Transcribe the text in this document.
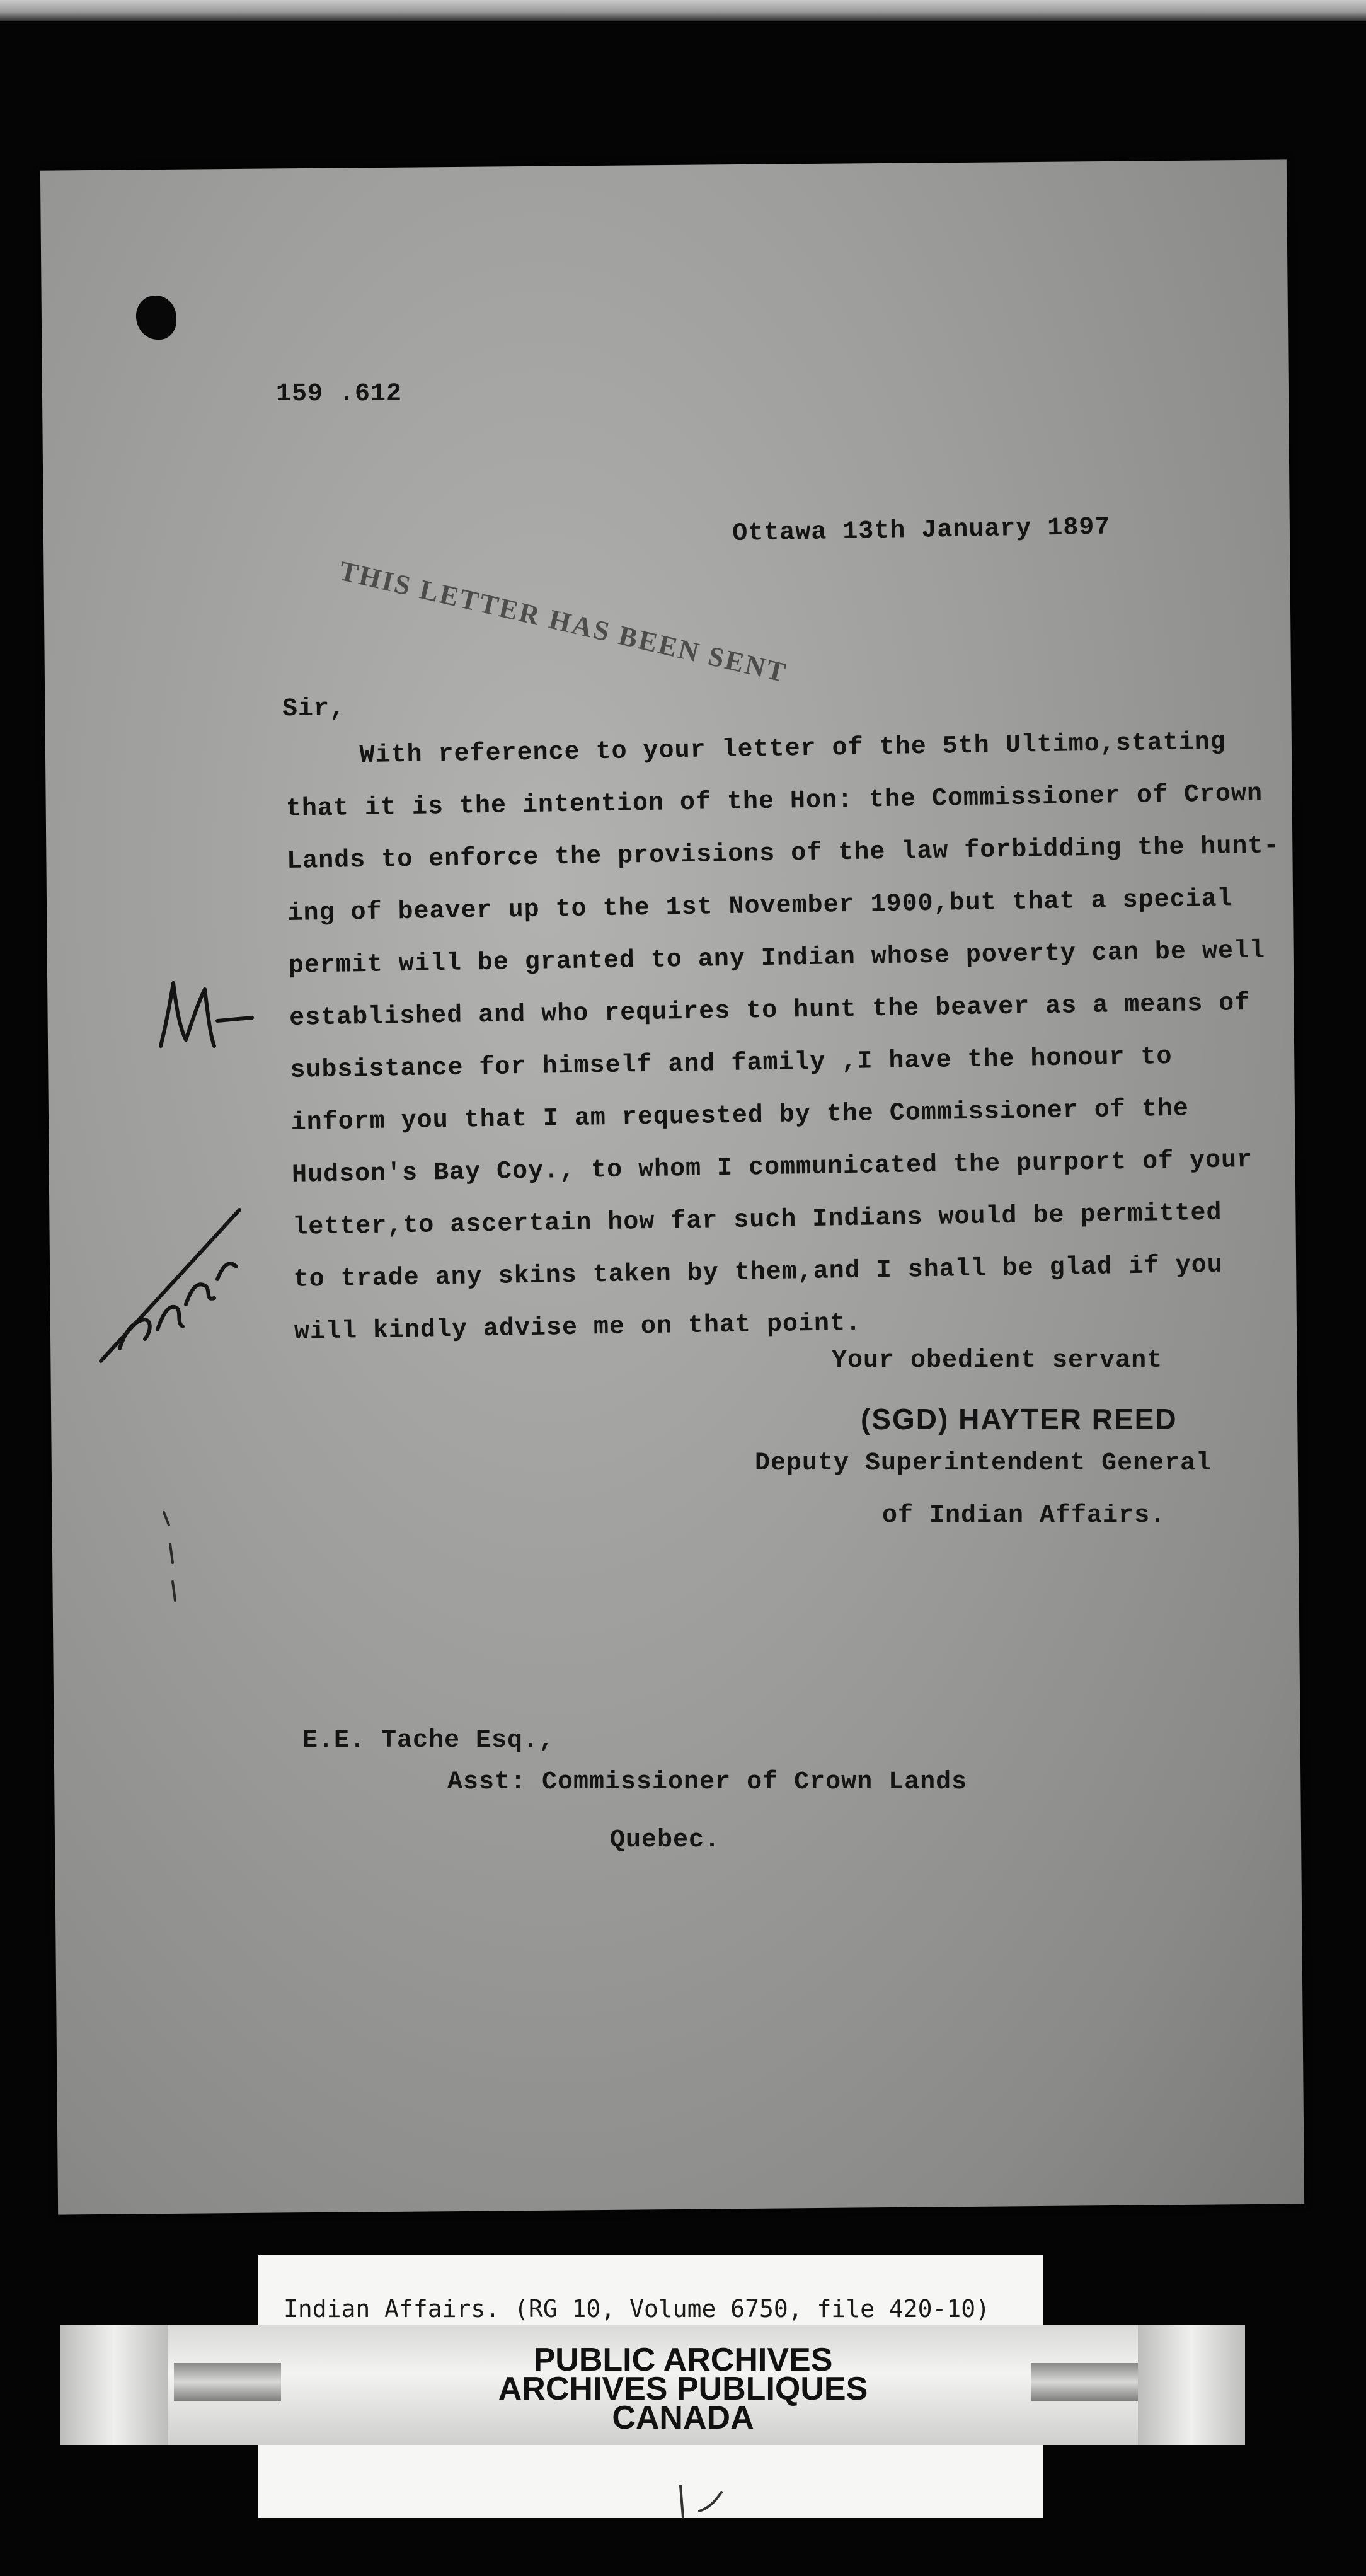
159 .612
Ottawa 13th January 1897
THIS LETTER HAS BEEN SENT
Sir,
With reference to your letter of the 5th Ultimo,stating
that it is the intention of the Hon: the Commissioner of Crown
Lands to enforce the provisions of the law forbidding the hunt-
ing of beaver up to the 1st November 1900,but that a special
permit will be granted to any Indian whose poverty can be well
established and who requires to hunt the beaver as a means of
subsistance for himself and family ,I have the honour to
inform you that I am requested by the Commissioner of the
Hudson's Bay Coy., to whom I communicated the purport of your
letter,to ascertain how far such Indians would be permitted
to trade any skins taken by them,and I shall be glad if you
will kindly advise me on that point.
Your obedient servant
(SGD) HAYTER REED
Deputy Superintendent General
of Indian Affairs.
E.E. Tache Esq.,
Asst: Commissioner of Crown Lands
Quebec.
Indian Affairs. (RG 10, Volume 6750, file 420-10)
PUBLIC ARCHIVES
ARCHIVES PUBLIQUES
CANADA
